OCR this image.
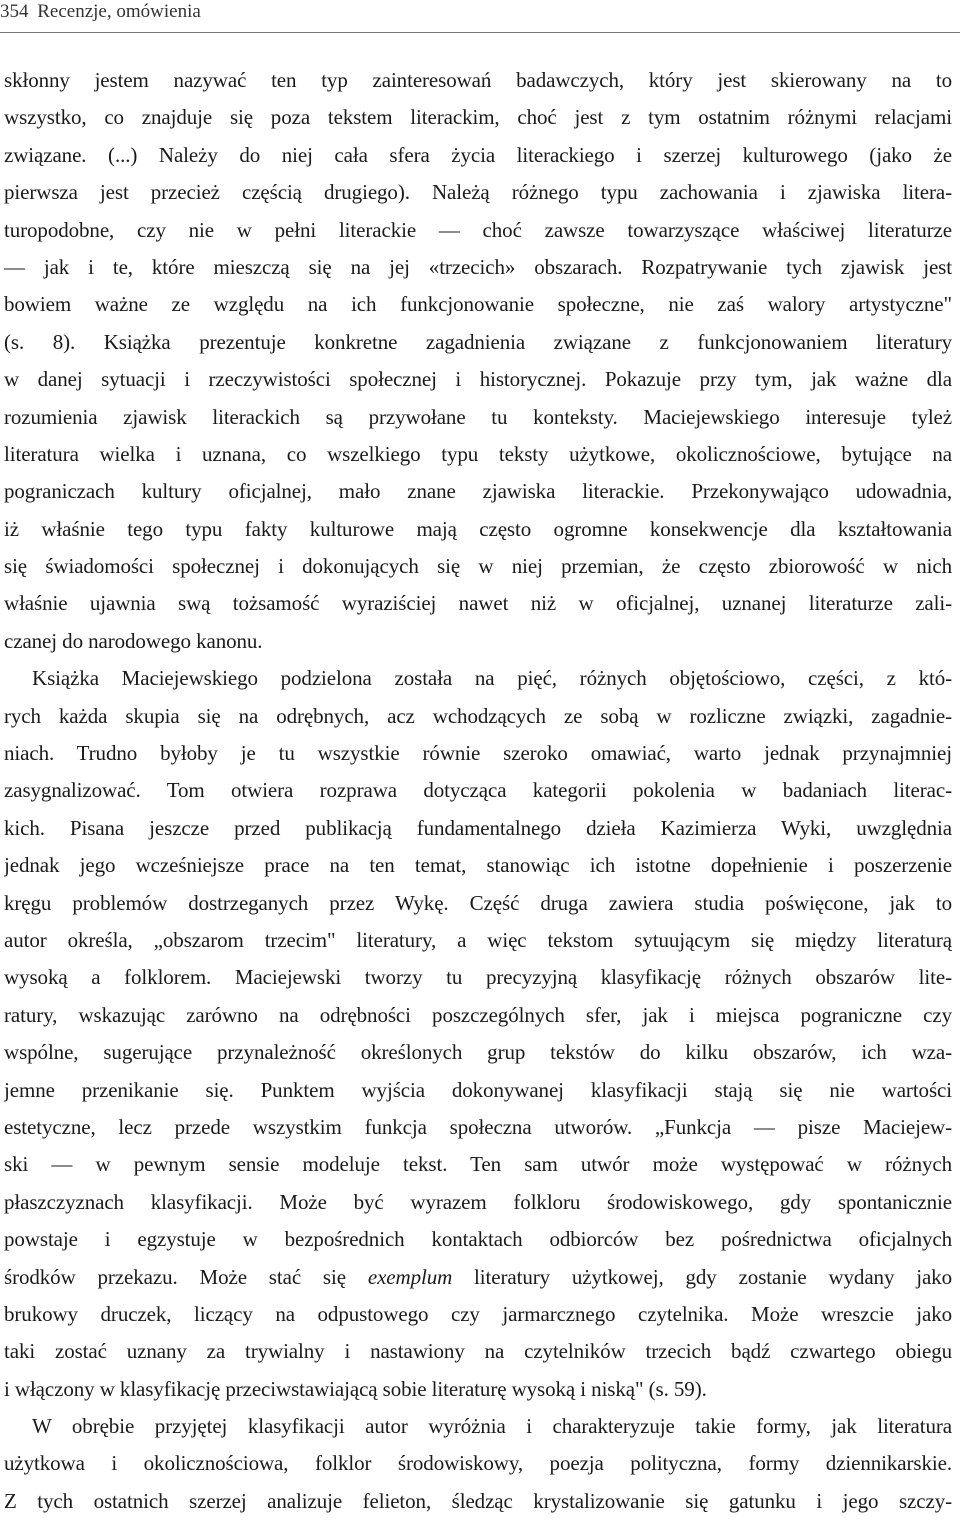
354 Recenzje, omówienia
skłonny jestem nazywać ten typ zainteresowań badawczych, który jest skierowany na to
wszystko, co znajduje się poza tekstem literackim, choć jest z tym ostatnim różnymi relacjami
związane. (...) Należy do niej cała sfera życia literackiego i szerzej kulturowego (jako że
pierwsza jest przecież częścią drugiego). Należą różnego typu zachowania i zjawiska litera-
turopodobne, czy nie w pełni literackie — choć zawsze towarzyszące właściwej literaturze
— jak i te, które mieszczą się na jej «trzecich» obszarach. Rozpatrywanie tych zjawisk jest
bowiem ważne ze względu na ich funkcjonowanie społeczne, nie zaś walory artystyczne"
(s. 8). Książka prezentuje konkretne zagadnienia związane z funkcjonowaniem literatury
w danej sytuacji i rzeczywistości społecznej i historycznej. Pokazuje przy tym, jak ważne dla
rozumienia zjawisk literackich są przywołane tu konteksty. Maciejewskiego interesuje tyleż
literatura wielka i uznana, co wszelkiego typu teksty użytkowe, okolicznościowe, bytujące na
pograniczach kultury oficjalnej, mało znane zjawiska literackie. Przekonywająco udowadnia,
iż właśnie tego typu fakty kulturowe mają często ogromne konsekwencje dla kształtowania
się świadomości społecznej i dokonujących się w niej przemian, że często zbiorowość w nich
właśnie ujawnia swą tożsamość wyraziściej nawet niż w oficjalnej, uznanej literaturze zali-
czanej do narodowego kanonu.
Książka Maciejewskiego podzielona została na pięć, różnych objętościowo, części, z któ-
rych każda skupia się na odrębnych, acz wchodzących ze sobą w rozliczne związki, zagadnie-
niach. Trudno byłoby je tu wszystkie równie szeroko omawiać, warto jednak przynajmniej
zasygnalizować. Tom otwiera rozprawa dotycząca kategorii pokolenia w badaniach literac-
kich. Pisana jeszcze przed publikacją fundamentalnego dzieła Kazimierza Wyki, uwzględnia
jednak jego wcześniejsze prace na ten temat, stanowiąc ich istotne dopełnienie i poszerzenie
kręgu problemów dostrzeganych przez Wykę. Część druga zawiera studia poświęcone, jak to
autor określa, „obszarom trzecim" literatury, a więc tekstom sytuującym się między literaturą
wysoką a folklorem. Maciejewski tworzy tu precyzyjną klasyfikację różnych obszarów lite-
ratury, wskazując zarówno na odrębności poszczególnych sfer, jak i miejsca pograniczne czy
wspólne, sugerujące przynależność określonych grup tekstów do kilku obszarów, ich wza-
jemne przenikanie się. Punktem wyjścia dokonywanej klasyfikacji stają się nie wartości
estetyczne, lecz przede wszystkim funkcja społeczna utworów. „Funkcja — pisze Maciejew-
ski — w pewnym sensie modeluje tekst. Ten sam utwór może występować w różnych
płaszczyznach klasyfikacji. Może być wyrazem folkloru środowiskowego, gdy spontanicznie
powstaje i egzystuje w bezpośrednich kontaktach odbiorców bez pośrednictwa oficjalnych
środków przekazu. Może stać się exemplum literatury użytkowej, gdy zostanie wydany jako
brukowy druczek, liczący na odpustowego czy jarmarcznego czytelnika. Może wreszcie jako
taki zostać uznany za trywialny i nastawiony na czytelników trzecich bądź czwartego obiegu
i włączony w klasyfikację przeciwstawiającą sobie literaturę wysoką i niską" (s. 59).
W obrębie przyjętej klasyfikacji autor wyróżnia i charakteryzuje takie formy, jak literatura
użytkowa i okolicznościowa, folklor środowiskowy, poezja polityczna, formy dziennikarskie.
Z tych ostatnich szerzej analizuje felieton, śledząc krystalizowanie się gatunku i jego szczy-
